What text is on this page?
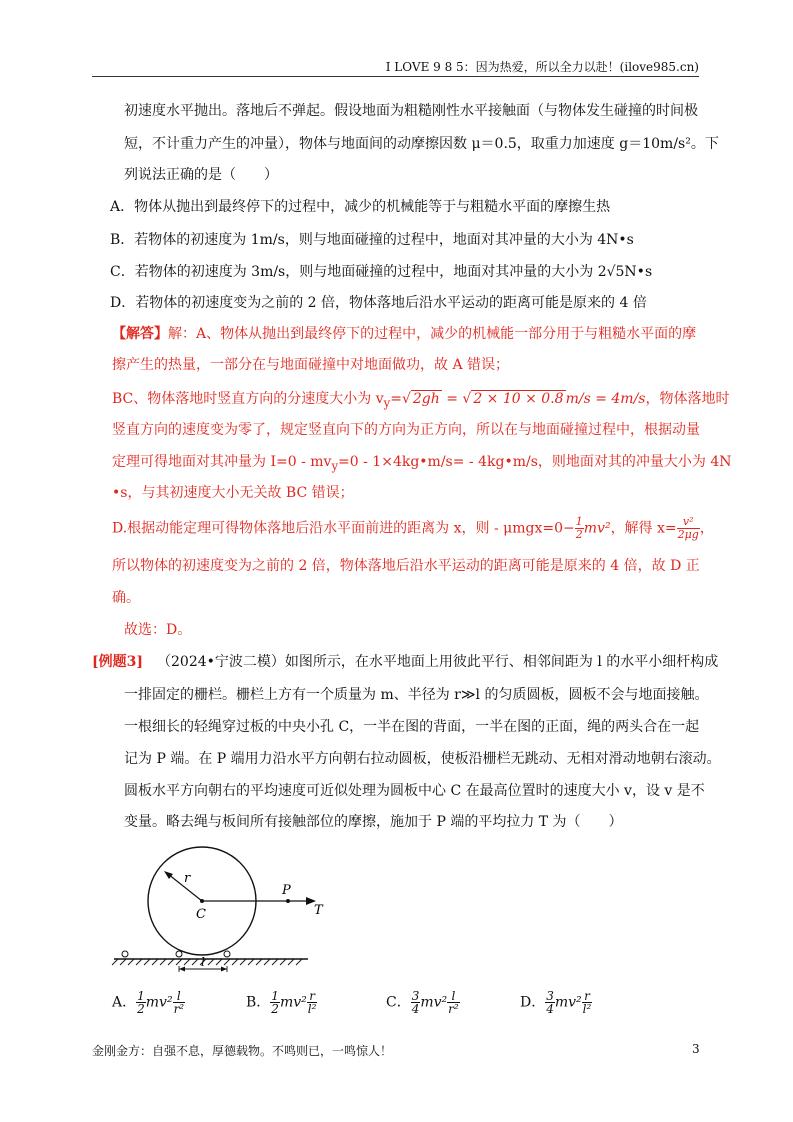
I LOVE 9 8 5：因为热爱，所以全力以赴！(ilove985.cn)
初速度水平抛出。落地后不弹起。假设地面为粗糙刚性水平接触面（与物体发生碰撞的时间极
短，不计重力产生的冲量），物体与地面间的动摩擦因数 μ＝0.5，取重力加速度 g＝10m/s²。下
列说法正确的是（　　）
A．物体从抛出到最终停下的过程中，减少的机械能等于与粗糙水平面的摩擦生热
B．若物体的初速度为 1m/s，则与地面碰撞的过程中，地面对其冲量的大小为 4N•s
C．若物体的初速度为 3m/s，则与地面碰撞的过程中，地面对其冲量的大小为 2√5N•s
D．若物体的初速度变为之前的 2 倍，物体落地后沿水平运动的距离可能是原来的 4 倍
【解答】解：A、物体从抛出到最终停下的过程中，减少的机械能一部分用于与粗糙水平面的摩
擦产生的热量，一部分在与地面碰撞中对地面做功，故 A 错误；
BC、物体落地时竖直方向的分速度大小为 $v_y=√$ 2gh = √ 2 × 10 × 0.8 m/s = 4m/s，物体落地时
竖直方向的速度变为零了，规定竖直向下的方向为正方向，所以在与地面碰撞过程中，根据动量
定理可得地面对其冲量为 $I=0 - mv_y=0$ - 1×4kg•m/s= - 4kg•m/s，则地面对其的冲量大小为 4N
•s，与其初速度大小无关故 BC 错误；
D.根据动能定理可得物体落地后沿水平面前进的距离为 x，则 - $\mu mgx=0- \frac{1}{2} mv^2$，解得 $x= \frac{\text{v²}}{2\mu g}$ ，
所以物体的初速度变为之前的 2 倍，物体落地后沿水平运动的距离可能是原来的 4 倍，故 D 正
确。
故选：D。
[例题3] （2024•宁波二模）如图所示，在水平地面上用彼此平行、相邻间距为 l 的水平小细杆构成
一排固定的栅栏。栅栏上方有一个质量为 m、半径为 r≫l 的匀质圆板，圆板不会与地面接触。
一根细长的轻绳穿过板的中央小孔 C，一半在图的背面，一半在图的正面，绳的两头合在一起
记为 P 端。在 P 端用力沿水平方向朝右拉动圆板，使板沿栅栏无跳动、无相对滑动地朝右滚动。
圆板水平方向朝右的平均速度可近似处理为圆板中心 C 在最高位置时的速度大小 v，设 v 是不
变量。略去绳与板间所有接触部位的摩擦，施加于 P 端的平均拉力 T 为（　　）
r
C
P
T
l
A． $\frac{1}{2} mv^2 \frac{l}{\text{r²}}$	B． $\frac{1}{2} mv^2 \frac{r}{\text{l²}}$	C． $\frac{3}{4} mv^2 \frac{l}{\text{r²}}$	D． $\frac{3}{4} mv^2 \frac{r}{\text{l²}}$
金刚金方：自强不息，厚德载物。不鸣则已，一鸣惊人！	3
